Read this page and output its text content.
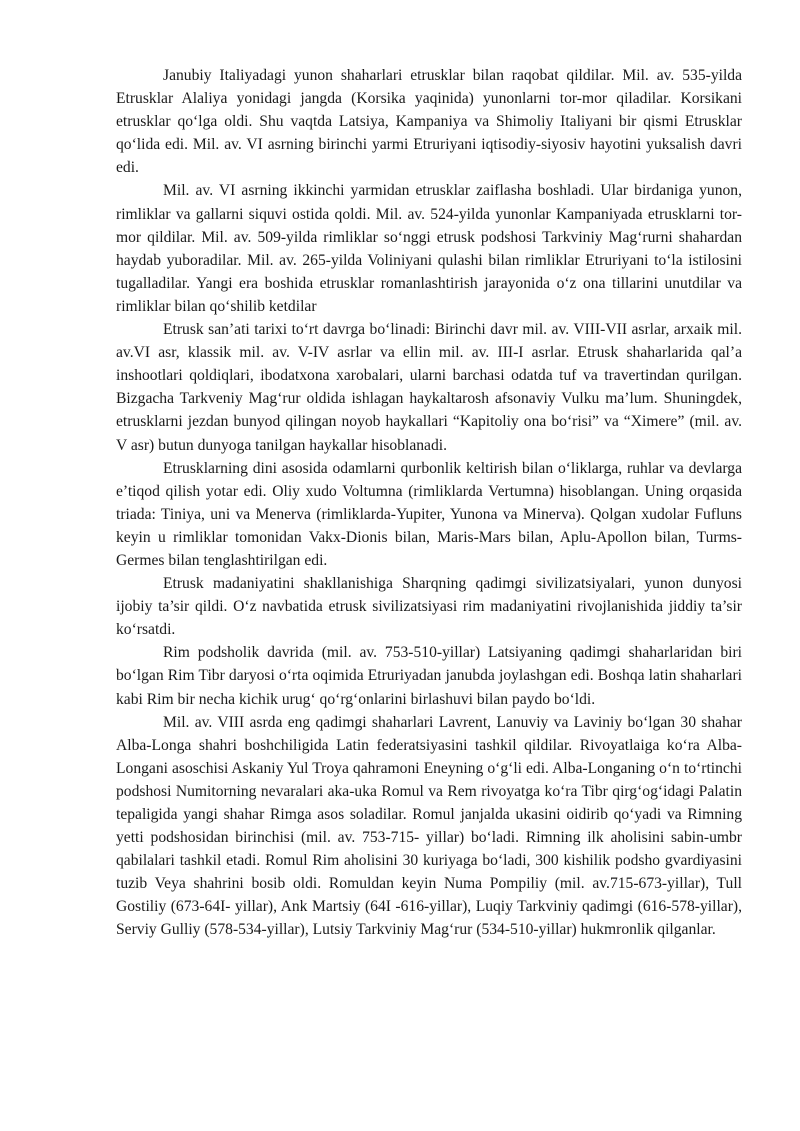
Janubiy Italiyadagi yunon shaharlari etrusklar bilan raqobat qildilar. Mil. av. 535-yilda Etrusklar Alaliya yonidagi jangda (Korsika yaqinida) yunonlarni tor-mor qiladilar. Korsikani etrusklar qo‘lga oldi. Shu vaqtda Latsiya, Kampaniya va Shimoliy Italiyani bir qismi Etrusklar qo‘lida edi. Mil. av. VI asrning birinchi yarmi Etruriyani iqtisodiy-siyosiv hayotini yuksalish davri edi.

Mil. av. VI asrning ikkinchi yarmidan etrusklar zaiflasha boshladi. Ular birdaniga yunon, rimliklar va gallarni siquvi ostida qoldi. Mil. av. 524-yilda yunonlar Kampaniyada etrusklarni tor-mor qildilar. Mil. av. 509-yilda rimliklar so‘nggi etrusk podshosi Tarkviniy Mag‘rurni shahardan haydab yuboradilar. Mil. av. 265-yilda Voliniyani qulashi bilan rimliklar Etruriyani to‘la istilosini tugalladilar. Yangi era boshida etrusklar romanlashtirish jarayonida o‘z ona tillarini unutdilar va rimliklar bilan qo‘shilib ketdilar

Etrusk san’ati tarixi to‘rt davrga bo‘linadi: Birinchi davr mil. av. VIII-VII asrlar, arxaik mil. av.VI asr, klassik mil. av. V-IV asrlar va ellin mil. av. III-I asrlar. Etrusk shaharlarida qal’a inshootlari qoldiqlari, ibodatxona xarobalari, ularni barchasi odatda tuf va travertindan qurilgan. Bizgacha Tarkveniy Mag‘rur oldida ishlagan haykaltarosh afsonaviy Vulku ma’lum. Shuningdek, etrusklarni jezdan bunyod qilingan noyob haykallari “Kapitoliy ona bo‘risi” va “Ximere” (mil. av. V asr) butun dunyoga tanilgan haykallar hisoblanadi.

Etrusklarning dini asosida odamlarni qurbonlik keltirish bilan o‘liklarga, ruhlar va devlarga e’tiqod qilish yotar edi. Oliy xudo Voltumna (rimliklarda Vertumna) hisoblangan. Uning orqasida triada: Tiniya, uni va Menerva (rimliklarda-Yupiter, Yunona va Minerva). Qolgan xudolar Fufluns keyin u rimliklar tomonidan Vakx-Dionis bilan, Maris-Mars bilan, Aplu-Apollon bilan, Turms-Germes bilan tenglashtirilgan edi.

Etrusk madaniyatini shakllanishiga Sharqning qadimgi sivilizatsiyalari, yunon dunyosi ijobiy ta’sir qildi. O‘z navbatida etrusk sivilizatsiyasi rim madaniyatini rivojlanishida jiddiy ta’sir ko‘rsatdi.

Rim podsholik davrida (mil. av. 753-510-yillar) Latsiyaning qadimgi shaharlaridan biri bo‘lgan Rim Tibr daryosi o‘rta oqimida Etruriyadan janubda joylashgan edi. Boshqa latin shaharlari kabi Rim bir necha kichik urug‘ qo‘rg‘onlarini birlashuvi bilan paydo bo‘ldi.

Mil. av. VIII asrda eng qadimgi shaharlari Lavrent, Lanuviy va Laviniy bo‘lgan 30 shahar Alba-Longa shahri boshchiligida Latin federatsiyasini tashkil qildilar. Rivoyatlaiga ko‘ra Alba-Longani asoschisi Askaniy Yul Troya qahramoni Eneyning o‘g‘li edi. Alba-Longaning o‘n to‘rtinchi podshosi Numitorning nevaralari aka-uka Romul va Rem rivoyatga ko‘ra Tibr qirg‘og‘idagi Palatin tepaligida yangi shahar Rimga asos soladilar. Romul janjalda ukasini oidirib qo‘yadi va Rimning yetti podshosidan birinchisi (mil. av. 753-715- yillar) bo‘ladi. Rimning ilk aholisini sabin-umbr qabilalari tashkil etadi. Romul Rim aholisini 30 kuriyaga bo‘ladi, 300 kishilik podsho gvardiyasini tuzib Veya shahrini bosib oldi. Romuldan keyin Numa Pompiliy (mil. av.715-673-yillar), Tull Gostiliy (673-64I- yillar), Ank Martsiy (64I -616-yillar), Luqiy Tarkviniy qadimgi (616-578-yillar), Serviy Gulliy (578-534-yillar), Lutsiy Tarkviniy Mag‘rur (534-510-yillar) hukmronlik qilganlar.
